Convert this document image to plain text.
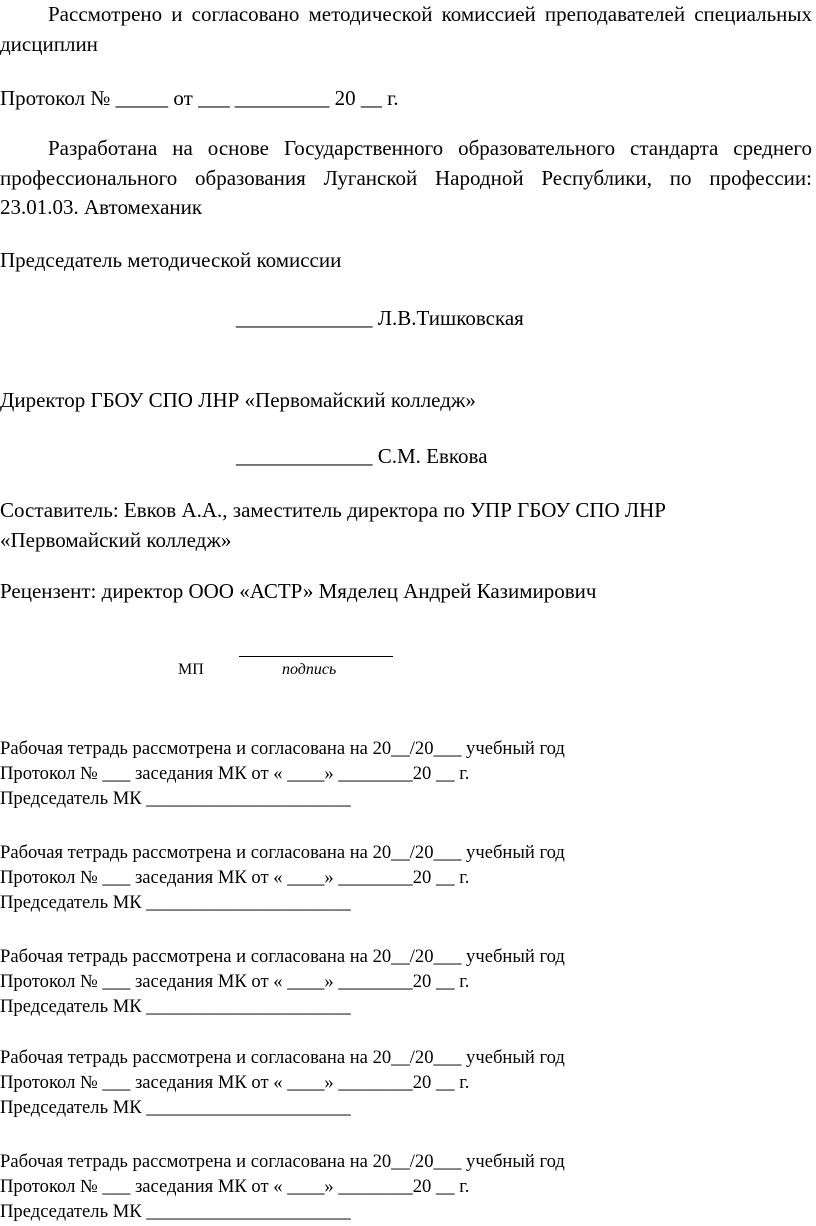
Рассмотрено и согласовано методической комиссией преподавателей специальных дисциплин
Протокол № _____ от ___ _________ 20 __ г.
Разработана на основе Государственного образовательного стандарта среднего профессионального образования Луганской Народной Республики, по профессии: 23.01.03. Автомеханик
Председатель методической комиссии
_____________ Л.В.Тишковская
Директор ГБОУ СПО ЛНР «Первомайский колледж»
_____________ С.М. Евкова
Составитель: Евков А.А., заместитель директора по УПР ГБОУ СПО ЛНР «Первомайский колледж»
Рецензент: директор ООО «АСТР» Мяделец Андрей Казимирович
МП	подпись
Рабочая тетрадь рассмотрена и согласована на 20__/20___ учебный год
Протокол № ___ заседания МК от « ____» ________20 __ г.
Председатель МК ______________________
Рабочая тетрадь рассмотрена и согласована на 20__/20___ учебный год
Протокол № ___ заседания МК от « ____» ________20 __ г.
Председатель МК ______________________
Рабочая тетрадь рассмотрена и согласована на 20__/20___ учебный год
Протокол № ___ заседания МК от « ____» ________20 __ г.
Председатель МК ______________________
Рабочая тетрадь рассмотрена и согласована на 20__/20___ учебный год
Протокол № ___ заседания МК от « ____» ________20 __ г.
Председатель МК ______________________
Рабочая тетрадь рассмотрена и согласована на 20__/20___ учебный год
Протокол № ___ заседания МК от « ____» ________20 __ г.
Председатель МК ______________________
